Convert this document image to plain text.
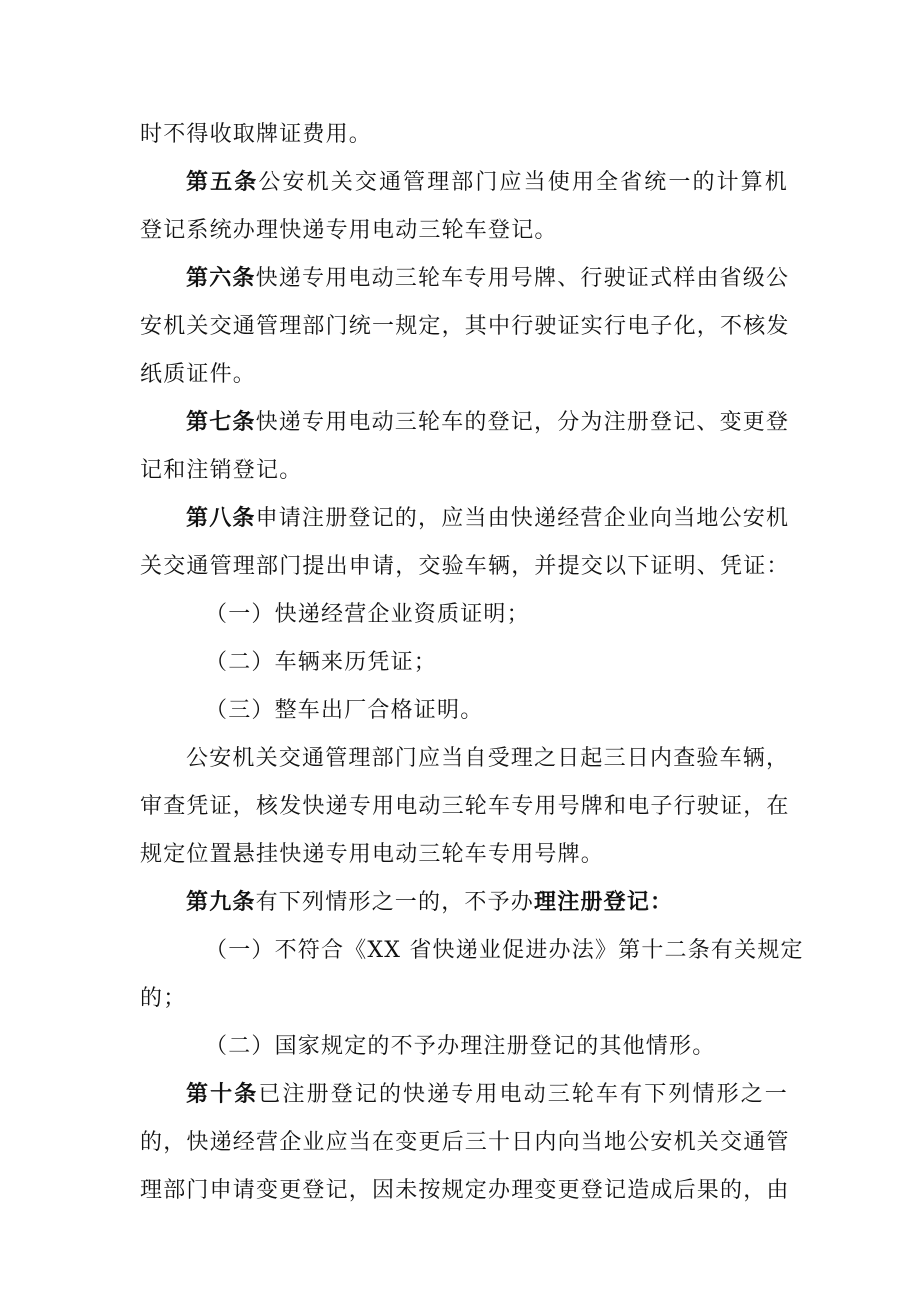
时不得收取牌证费用。
第五条公安机关交通管理部门应当使用全省统一的计算机
登记系统办理快递专用电动三轮车登记。
第六条快递专用电动三轮车专用号牌、行驶证式样由省级公
安机关交通管理部门统一规定，其中行驶证实行电子化，不核发
纸质证件。
第七条快递专用电动三轮车的登记，分为注册登记、变更登
记和注销登记。
第八条申请注册登记的，应当由快递经营企业向当地公安机
关交通管理部门提出申请，交验车辆，并提交以下证明、凭证：
（一）快递经营企业资质证明；
（二）车辆来历凭证；
（三）整车出厂合格证明。
公安机关交通管理部门应当自受理之日起三日内查验车辆，
审查凭证，核发快递专用电动三轮车专用号牌和电子行驶证，在
规定位置悬挂快递专用电动三轮车专用号牌。
第九条有下列情形之一的，不予办理注册登记：
（一）不符合《XX 省快递业促进办法》第十二条有关规定
的；
（二）国家规定的不予办理注册登记的其他情形。
第十条已注册登记的快递专用电动三轮车有下列情形之一
的，快递经营企业应当在变更后三十日内向当地公安机关交通管
理部门申请变更登记，因未按规定办理变更登记造成后果的，由
